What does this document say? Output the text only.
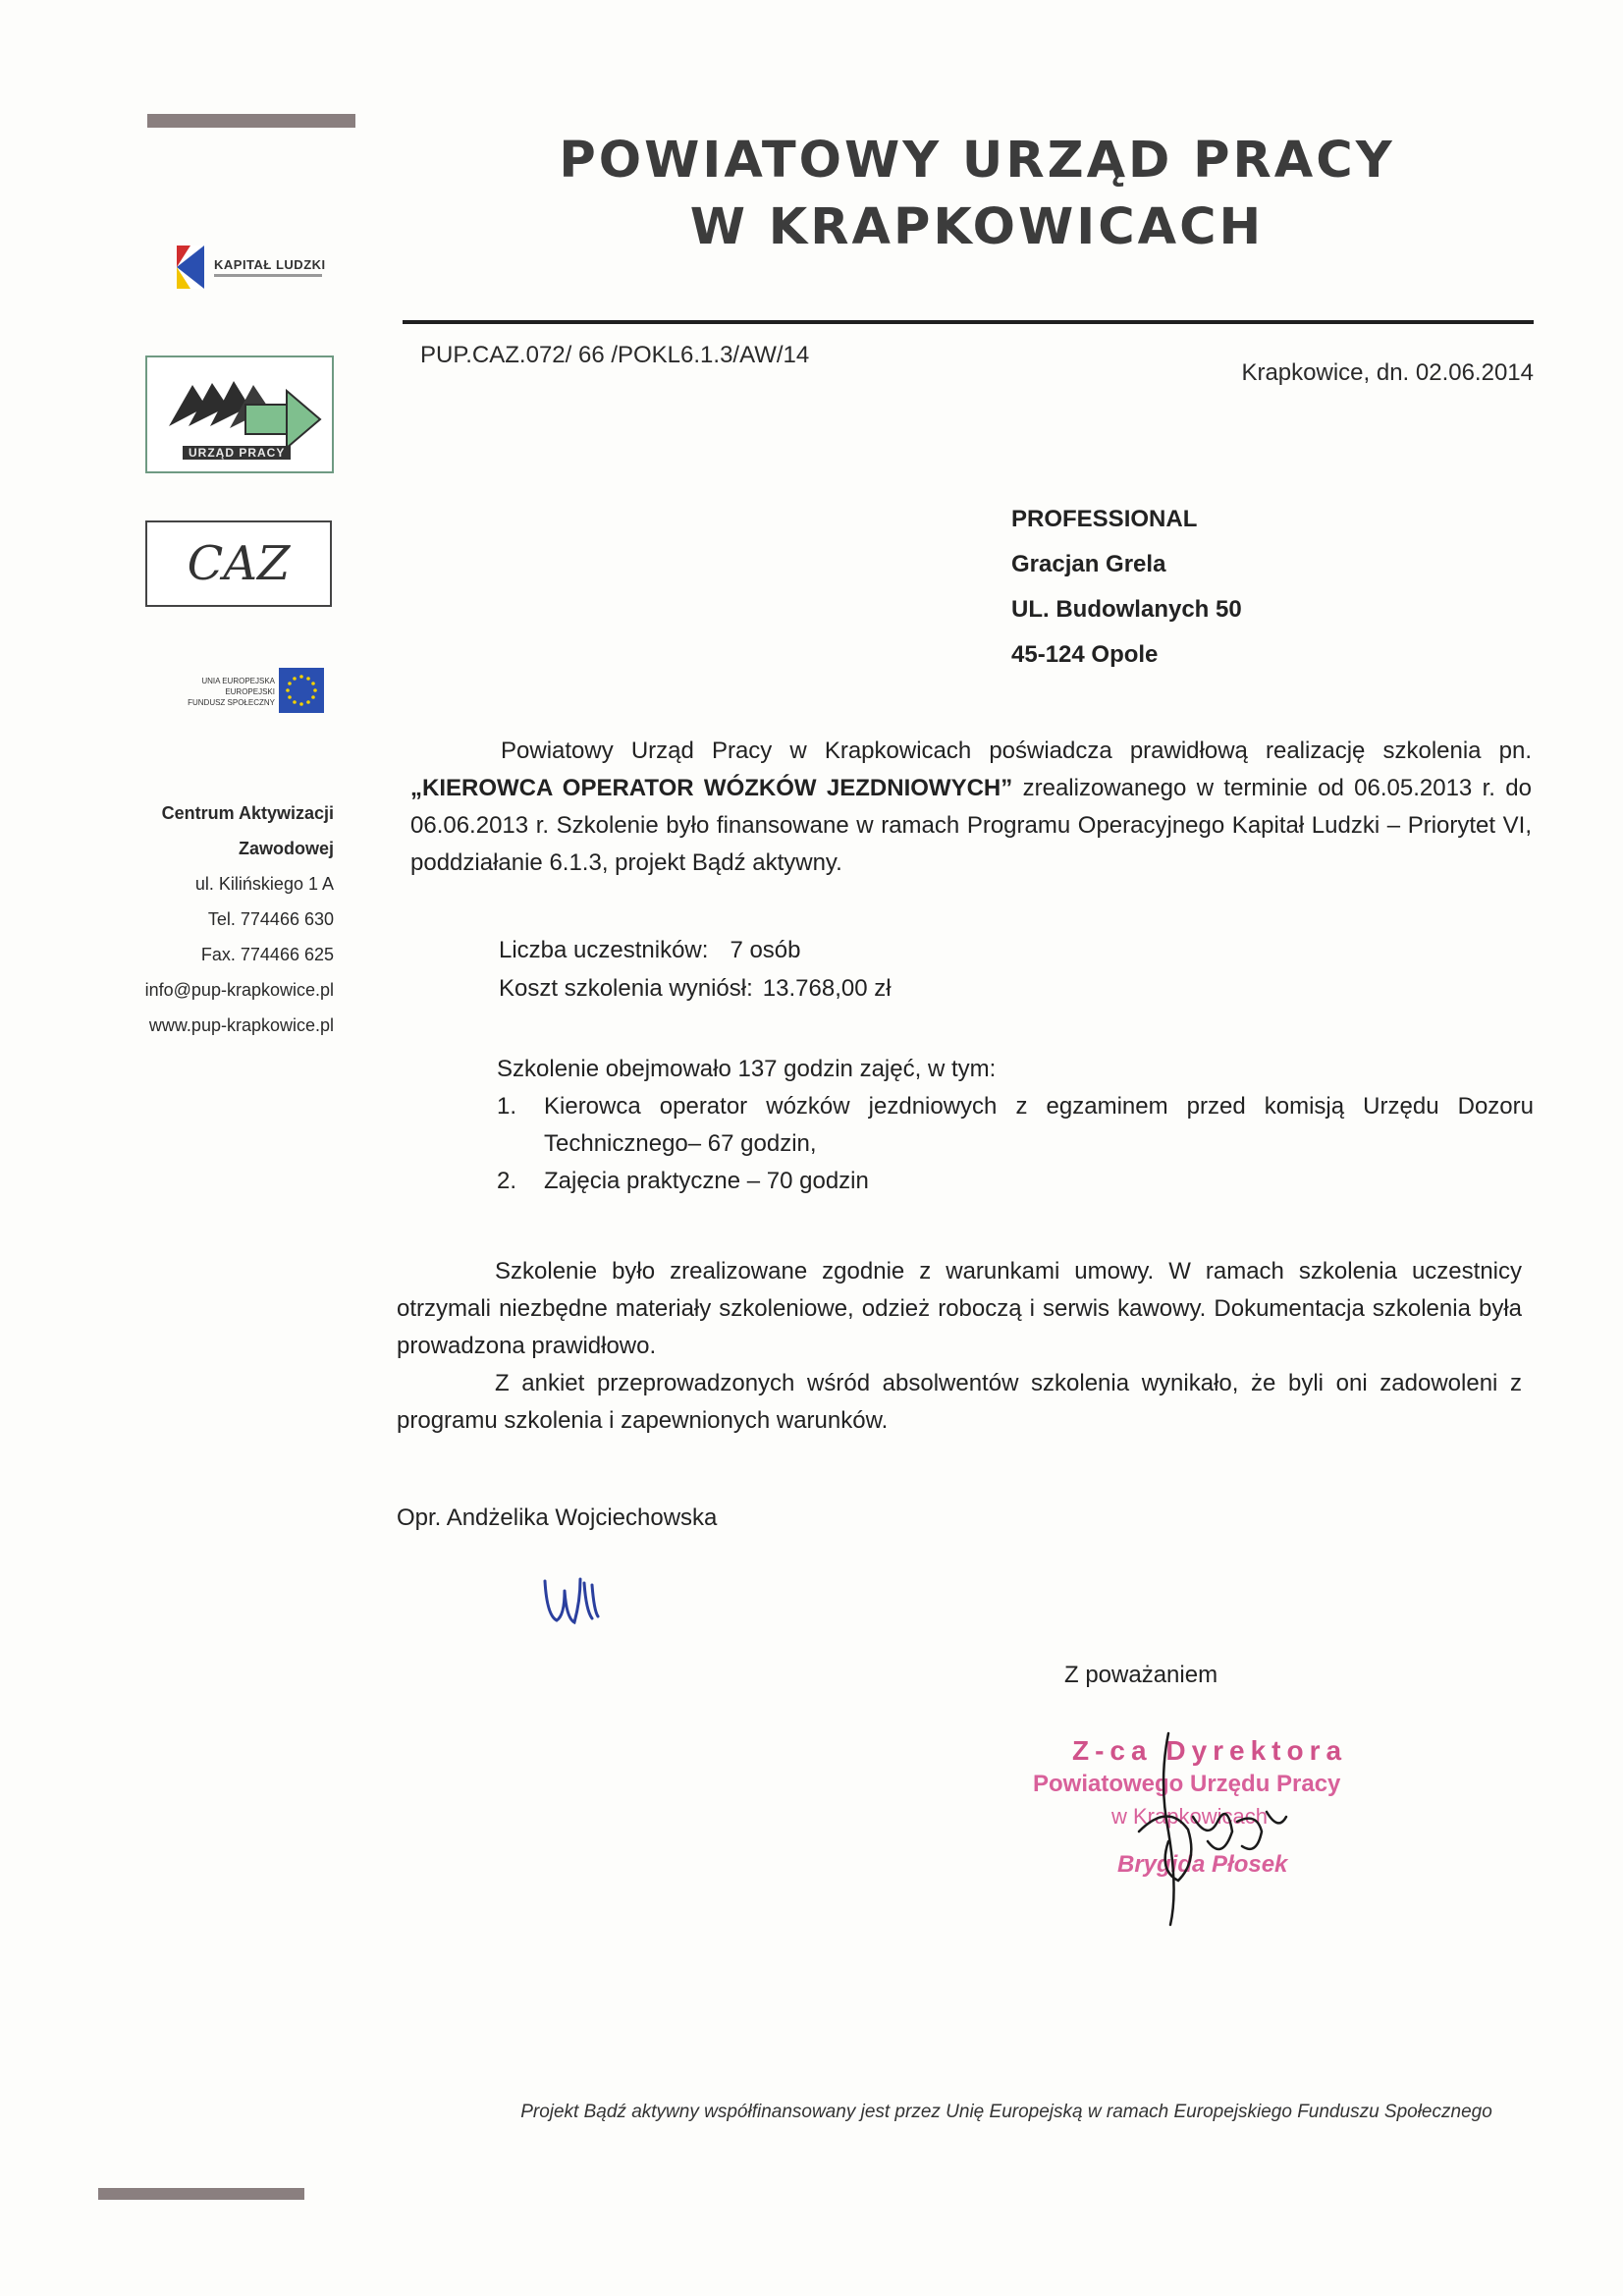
POWIATOWY URZĄD PRACY
W KRAPKOWICACH
KAPITAŁ LUDZKI
URZĄD PRACY
CAZ
UNIA EUROPEJSKA
EUROPEJSKI
FUNDUSZ SPOŁECZNY
Centrum Aktywizacji
Zawodowej
ul. Kilińskiego 1 A
Tel. 774466 630
Fax. 774466 625
info@pup-krapkowice.pl
www.pup-krapkowice.pl
PUP.CAZ.072/ 66 /POKL6.1.3/AW/14
Krapkowice, dn. 02.06.2014
PROFESSIONAL
Gracjan Grela
UL. Budowlanych 50
45-124 Opole
Powiatowy Urząd Pracy w Krapkowicach poświadcza prawidłową realizację szkolenia pn. „KIEROWCA OPERATOR WÓZKÓW JEZDNIOWYCH” zrealizowanego w terminie od 06.05.2013 r. do 06.06.2013 r. Szkolenie było finansowane w ramach Programu Operacyjnego Kapitał Ludzki – Priorytet VI, poddziałanie 6.1.3, projekt Bądź aktywny.
Liczba uczestników: 7 osób
Koszt szkolenia wyniósł: 13.768,00 zł
Szkolenie obejmowało 137 godzin zajęć, w tym:
1.	Kierowca operator wózków jezdniowych z egzaminem przed komisją Urzędu Dozoru Technicznego– 67 godzin,
2.	Zajęcia praktyczne – 70 godzin
Szkolenie było zrealizowane zgodnie z warunkami umowy. W ramach szkolenia uczestnicy otrzymali niezbędne materiały szkoleniowe, odzież roboczą i serwis kawowy. Dokumentacja szkolenia była prowadzona prawidłowo.
Z ankiet przeprowadzonych wśród absolwentów szkolenia wynikało, że byli oni zadowoleni z programu szkolenia i zapewnionych warunków.
Opr. Andżelika Wojciechowska
Z poważaniem
Z-ca Dyrektora
Powiatowego Urzędu Pracy
w Krapkowicach
Brygida Płosek
Projekt Bądź aktywny współfinansowany jest przez Unię Europejską w ramach Europejskiego Funduszu Społecznego
